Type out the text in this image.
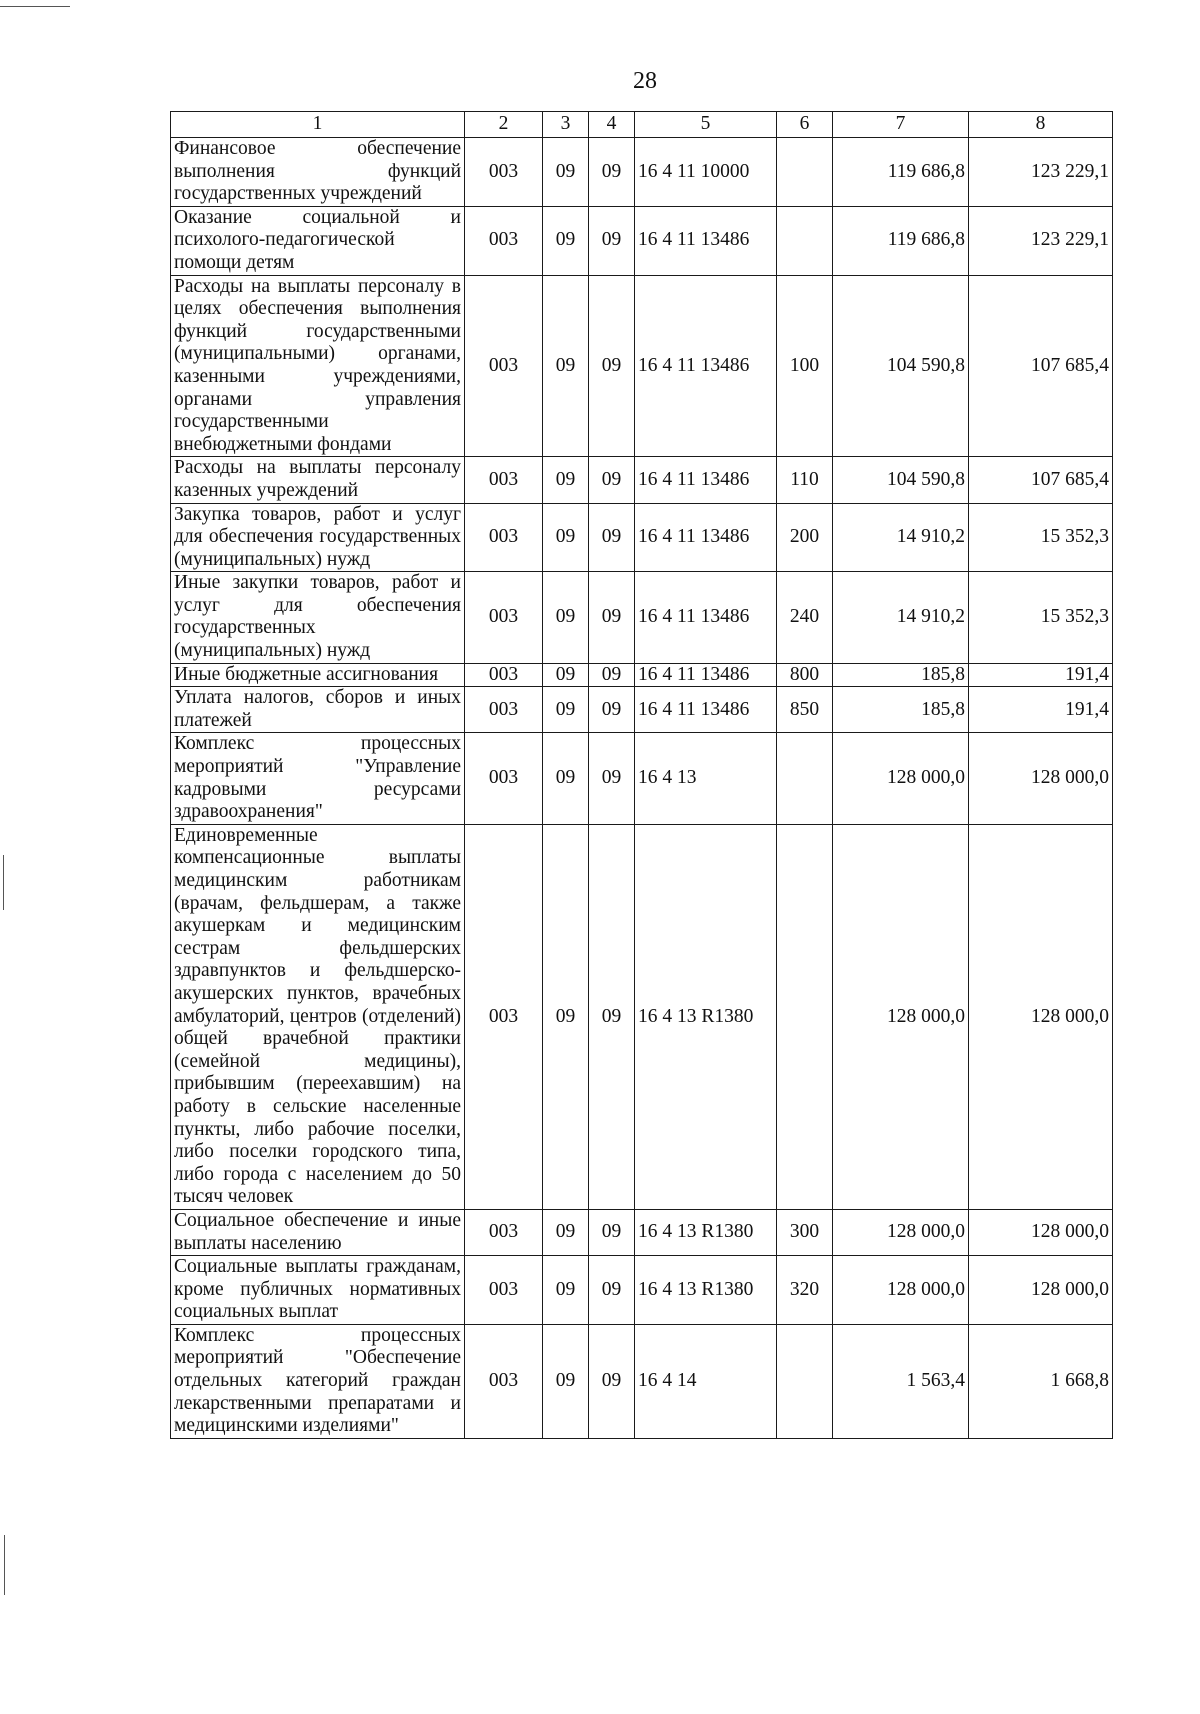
28
1	2	3	4	5	6	7	8
Финансовое обеспечение выполнения функций государственных учреждений	003	09	09	16 4 11 10000		119 686,8	123 229,1
Оказание социальной и психолого-педагогической помощи детям	003	09	09	16 4 11 13486		119 686,8	123 229,1
Расходы на выплаты персоналу в целях обеспечения выполнения функций государственными (муниципальными) органами, казенными учреждениями, органами управления государственными внебюджетными фондами	003	09	09	16 4 11 13486	100	104 590,8	107 685,4
Расходы на выплаты персоналу казенных учреждений	003	09	09	16 4 11 13486	110	104 590,8	107 685,4
Закупка товаров, работ и услуг для обеспечения государственных (муниципальных) нужд	003	09	09	16 4 11 13486	200	14 910,2	15 352,3
Иные закупки товаров, работ и услуг для обеспечения государственных (муниципальных) нужд	003	09	09	16 4 11 13486	240	14 910,2	15 352,3
Иные бюджетные ассигнования	003	09	09	16 4 11 13486	800	185,8	191,4
Уплата налогов, сборов и иных платежей	003	09	09	16 4 11 13486	850	185,8	191,4
Комплекс процессных мероприятий "Управление кадровыми ресурсами здравоохранения"	003	09	09	16 4 13		128 000,0	128 000,0
Единовременные компенсационные выплаты медицинским работникам (врачам, фельдшерам, а также акушеркам и медицинским сестрам фельдшерских здравпунктов и фельдшерско-акушерских пунктов, врачебных амбулаторий, центров (отделений) общей врачебной практики (семейной медицины), прибывшим (переехавшим) на работу в сельские населенные пункты, либо рабочие поселки, либо поселки городского типа, либо города с населением до 50 тысяч человек	003	09	09	16 4 13 R1380		128 000,0	128 000,0
Социальное обеспечение и иные выплаты населению	003	09	09	16 4 13 R1380	300	128 000,0	128 000,0
Социальные выплаты гражданам, кроме публичных нормативных социальных выплат	003	09	09	16 4 13 R1380	320	128 000,0	128 000,0
Комплекс процессных мероприятий "Обеспечение отдельных категорий граждан лекарственными препаратами и медицинскими изделиями"	003	09	09	16 4 14		1 563,4	1 668,8
